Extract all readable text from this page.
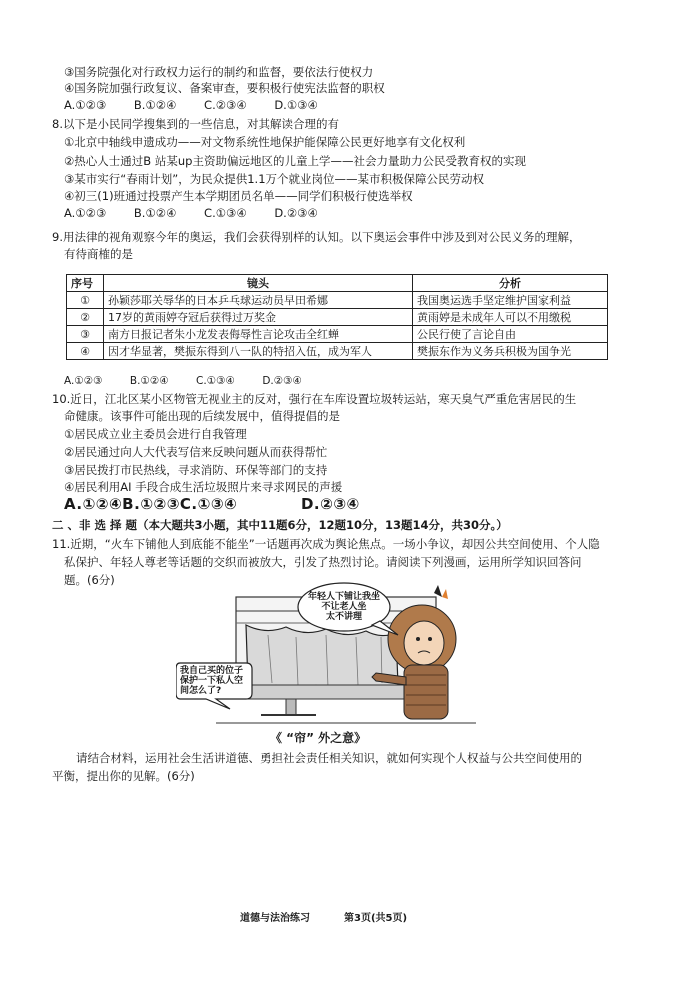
③国务院强化对行政权力运行的制约和监督，要依法行使权力
④国务院加强行政复议、备案审查，要积极行使宪法监督的职权
A.①②③ B.①②④ C.②③④ D.①③④
8.以下是小民同学搜集到的一些信息，对其解读合理的有
①北京中轴线申遗成功——对文物系统性地保护能保障公民更好地享有文化权利
②热心人士通过B 站某up主资助偏远地区的儿童上学——社会力量助力公民受教育权的实现
③某市实行“春雨计划”，为民众提供1.1万个就业岗位——某市积极保障公民劳动权
④初三(1)班通过投票产生本学期团员名单——同学们积极行使选举权
A.①②③ B.①②④ C.①③④ D.②③④
9.用法律的视角观察今年的奥运，我们会获得别样的认知。以下奥运会事件中涉及到对公民义务的理解，
有待商榷的是
序号	镜头	分析
①	孙颖莎耶关辱华的日本乒乓球运动员早田希娜	我国奥运选手坚定维护国家利益
②	17岁的黄雨婷夺冠后获得过万奖金	黄雨婷是未成年人可以不用缴税
③	南方日报记者朱小龙发表侮辱性言论攻击全红蝉	公民行使了言论自由
④	因才华显著，樊振东得到八一队的特招入伍，成为军人	樊振东作为义务兵积极为国争光
A.①②③	B.①②④	C.①③④	D.②③④
10.近日，江北区某小区物管无视业主的反对，强行在车库设置垃圾转运站，寒天臭气严重危害居民的生
命健康。该事件可能出现的后续发展中，值得提倡的是
①居民成立业主委员会进行自我管理
②居民通过向人大代表写信来反映问题从而获得帮忙
③居民拨打市民热线，寻求消防、环保等部门的支持
④居民利用AI 手段合成生活垃圾照片来寻求网民的声援
A.①②④B.①②③C.①③④	D.②③④
二 、非 选 择 题（本大题共3小题，其中11题6分，12题10分，13题14分，共30分。）
11.近期，“火车下铺他人到底能不能坐”一话题再次成为舆论焦点。一场小争议，却因公共空间使用、个人隐
私保护、年轻人尊老等话题的交织而被放大，引发了热烈讨论。请阅读下列漫画，运用所学知识回答问
题。(6分)
年轻人下铺让我坐
不让老人坐
太不讲理
我自己买的位子
保护一下私人空
间怎么了?
《 “帘” 外之意》
请结合材料，运用社会生活讲道德、勇担社会责任相关知识，就如何实现个人权益与公共空间使用的
平衡，提出你的见解。(6分)
道德与法治练习	第3页(共5页)
